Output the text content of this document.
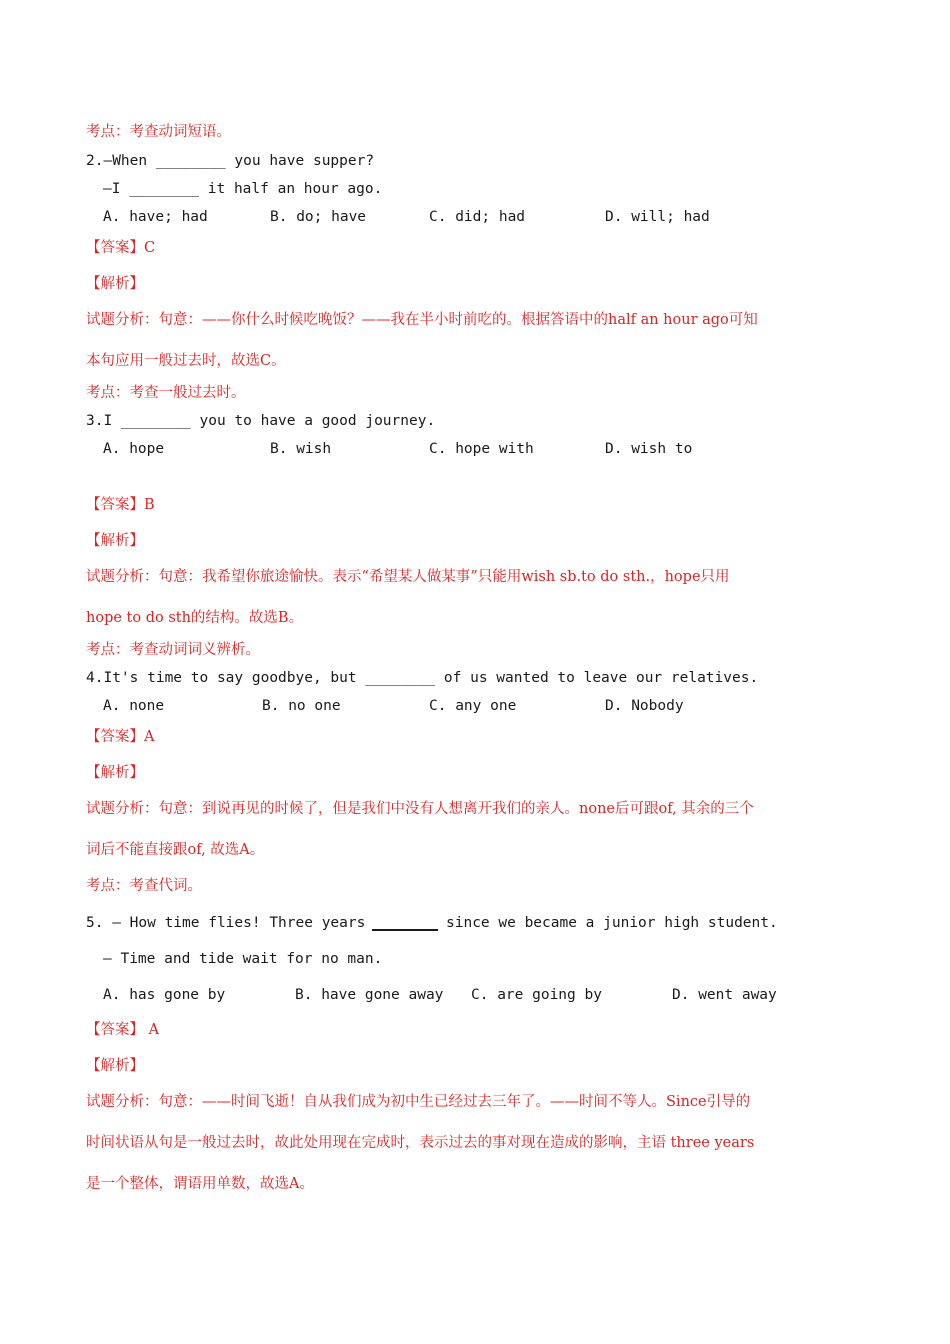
考点：考查动词短语。
2.—When ________ you have supper?
—I ________ it half an hour ago.
A. have; had	B. do; have	C. did; had	D. will; had
【答案】C
【解析】
试题分析：句意：——你什么时候吃晚饭？——我在半小时前吃的。根据答语中的half an hour ago可知
本句应用一般过去时，故选C。
考点：考查一般过去时。
3.I ________ you to have a good journey.
A. hope	B. wish	C. hope with	D. wish to
【答案】B
【解析】
试题分析：句意：我希望你旅途愉快。表示“希望某人做某事”只能用wish sb.to do sth.，hope只用
hope to do sth的结构。故选B。
考点：考查动词词义辨析。
4.It's time to say goodbye, but ________ of us wanted to leave our relatives.
A. none	B. no one	C. any one	D. Nobody
【答案】A
【解析】
试题分析：句意：到说再见的时候了，但是我们中没有人想离开我们的亲人。none后可跟of, 其余的三个
词后不能直接跟of, 故选A。
考点：考查代词。
5. — How time flies! Three years	since we became a junior high student.
— Time and tide wait for no man.
A. has gone by	B. have gone away C. are going by	D. went away
【答案】 A
【解析】
试题分析：句意：——时间飞逝！自从我们成为初中生已经过去三年了。——时间不等人。Since引导的
时间状语从句是一般过去时，故此处用现在完成时，表示过去的事对现在造成的影响，主语 three years
是一个整体，谓语用单数，故选A。
